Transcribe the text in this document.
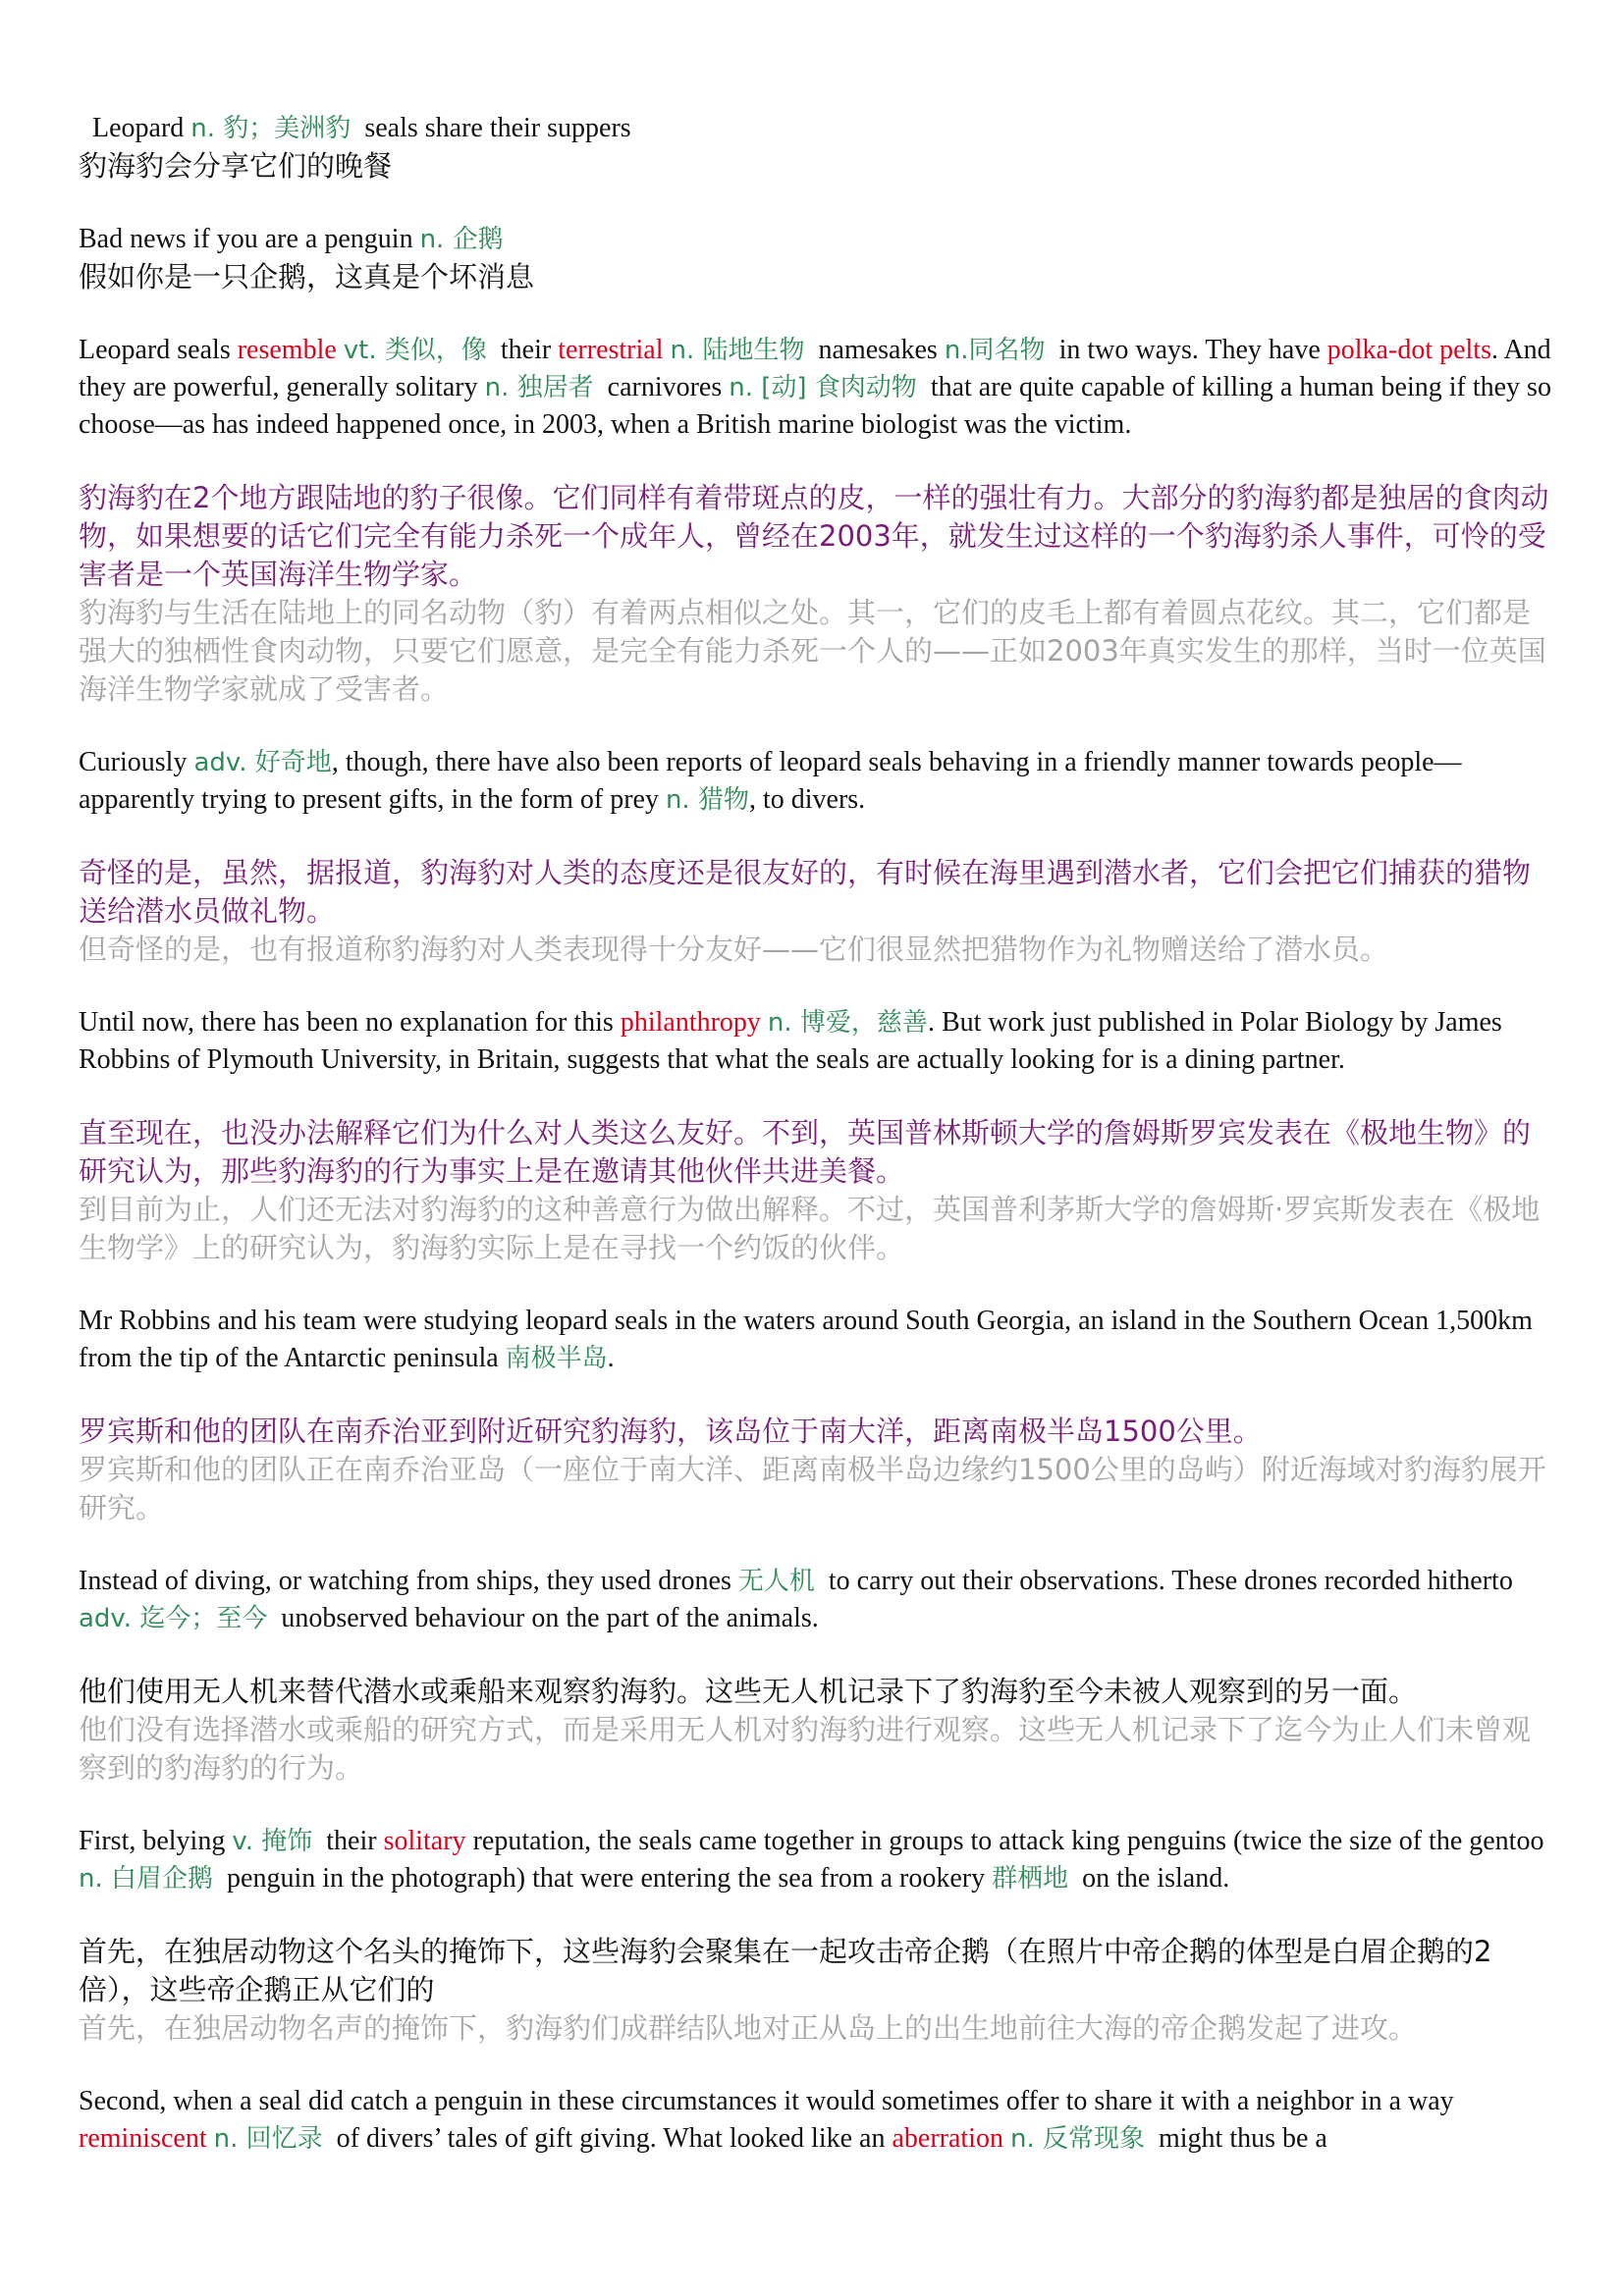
Leopard n. 豹；美洲豹 seals share their suppers

豹海豹会分享它们的晚餐

Bad news if you are a penguin n. 企鹅

假如你是一只企鹅，这真是个坏消息

Leopard seals resemble vt. 类似，像 their terrestrial n. 陆地生物 namesakes n.同名物 in two ways. They have polka-dot pelts. And they are powerful, generally solitary n. 独居者 carnivores n. [动] 食肉动物 that are quite capable of killing a human being if they so choose—as has indeed happened once, in 2003, when a British marine biologist was the victim.

豹海豹在2个地方跟陆地的豹子很像。它们同样有着带斑点的皮，一样的强壮有力。大部分的豹海豹都是独居的食肉动物，如果想要的话它们完全有能力杀死一个成年人，曾经在2003年，就发生过这样的一个豹海豹杀人事件，可怜的受害者是一个英国海洋生物学家。

豹海豹与生活在陆地上的同名动物（豹）有着两点相似之处。其一，它们的皮毛上都有着圆点花纹。其二，它们都是强大的独栖性食肉动物，只要它们愿意，是完全有能力杀死一个人的——正如2003年真实发生的那样，当时一位英国海洋生物学家就成了受害者。

Curiously adv. 好奇地, though, there have also been reports of leopard seals behaving in a friendly manner towards people—apparently trying to present gifts, in the form of prey n. 猎物, to divers.

奇怪的是，虽然，据报道，豹海豹对人类的态度还是很友好的，有时候在海里遇到潜水者，它们会把它们捕获的猎物送给潜水员做礼物。

但奇怪的是，也有报道称豹海豹对人类表现得十分友好——它们很显然把猎物作为礼物赠送给了潜水员。

Until now, there has been no explanation for this philanthropy n. 博爱，慈善. But work just published in Polar Biology by James Robbins of Plymouth University, in Britain, suggests that what the seals are actually looking for is a dining partner.

直至现在，也没办法解释它们为什么对人类这么友好。不到，英国普林斯顿大学的詹姆斯罗宾发表在《极地生物》的研究认为，那些豹海豹的行为事实上是在邀请其他伙伴共进美餐。

到目前为止，人们还无法对豹海豹的这种善意行为做出解释。不过，英国普利茅斯大学的詹姆斯·罗宾斯发表在《极地生物学》上的研究认为，豹海豹实际上是在寻找一个约饭的伙伴。

Mr Robbins and his team were studying leopard seals in the waters around South Georgia, an island in the Southern Ocean 1,500km from the tip of the Antarctic peninsula 南极半岛.

罗宾斯和他的团队在南乔治亚到附近研究豹海豹，该岛位于南大洋，距离南极半岛1500公里。

罗宾斯和他的团队正在南乔治亚岛（一座位于南大洋、距离南极半岛边缘约1500公里的岛屿）附近海域对豹海豹展开研究。

Instead of diving, or watching from ships, they used drones 无人机 to carry out their observations. These drones recorded hitherto adv. 迄今；至今 unobserved behaviour on the part of the animals.

他们使用无人机来替代潜水或乘船来观察豹海豹。这些无人机记录下了豹海豹至今未被人观察到的另一面。

他们没有选择潜水或乘船的研究方式，而是采用无人机对豹海豹进行观察。这些无人机记录下了迄今为止人们未曾观察到的豹海豹的行为。

First, belying v. 掩饰 their solitary reputation, the seals came together in groups to attack king penguins (twice the size of the gentoo n. 白眉企鹅 penguin in the photograph) that were entering the sea from a rookery 群栖地 on the island.

首先，在独居动物这个名头的掩饰下，这些海豹会聚集在一起攻击帝企鹅（在照片中帝企鹅的体型是白眉企鹅的2倍），这些帝企鹅正从它们的

首先，在独居动物名声的掩饰下，豹海豹们成群结队地对正从岛上的出生地前往大海的帝企鹅发起了进攻。

Second, when a seal did catch a penguin in these circumstances it would sometimes offer to share it with a neighbor in a way reminiscent n. 回忆录 of divers’ tales of gift giving. What looked like an aberration n. 反常现象 might thus be a
